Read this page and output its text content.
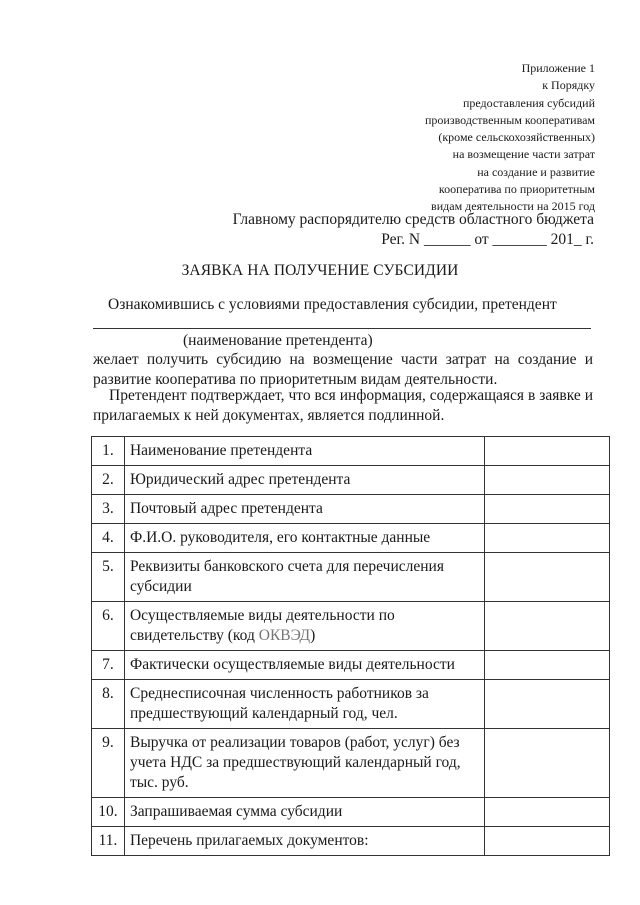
Приложение 1
к Порядку
предоставления субсидий
производственным кооперативам
(кроме сельскохозяйственных)
на возмещение части затрат
на создание и развитие
кооператива по приоритетным
видам деятельности на 2015 год
Главному распорядителю средств областного бюджета
Рег. N ______ от _______ 201_ г.
ЗАЯВКА НА ПОЛУЧЕНИЕ СУБСИДИИ
Ознакомившись с условиями предоставления субсидии, претендент
(наименование претендента)
желает получить субсидию на возмещение части затрат на создание и развитие кооператива по приоритетным видам деятельности.
Претендент подтверждает, что вся информация, содержащаяся в заявке и прилагаемых к ней документах, является подлинной.
1.	Наименование претендента	
2.	Юридический адрес претендента	
3.	Почтовый адрес претендента	
4.	Ф.И.О. руководителя, его контактные данные	
5.	Реквизиты банковского счета для перечисления субсидии	
6.	Осуществляемые виды деятельности по свидетельству (код ОКВЭД)	
7.	Фактически осуществляемые виды деятельности	
8.	Среднесписочная численность работников за предшествующий календарный год, чел.	
9.	Выручка от реализации товаров (работ, услуг) без учета НДС за предшествующий календарный год, тыс. руб.	
10.	Запрашиваемая сумма субсидии	
11.	Перечень прилагаемых документов:	
